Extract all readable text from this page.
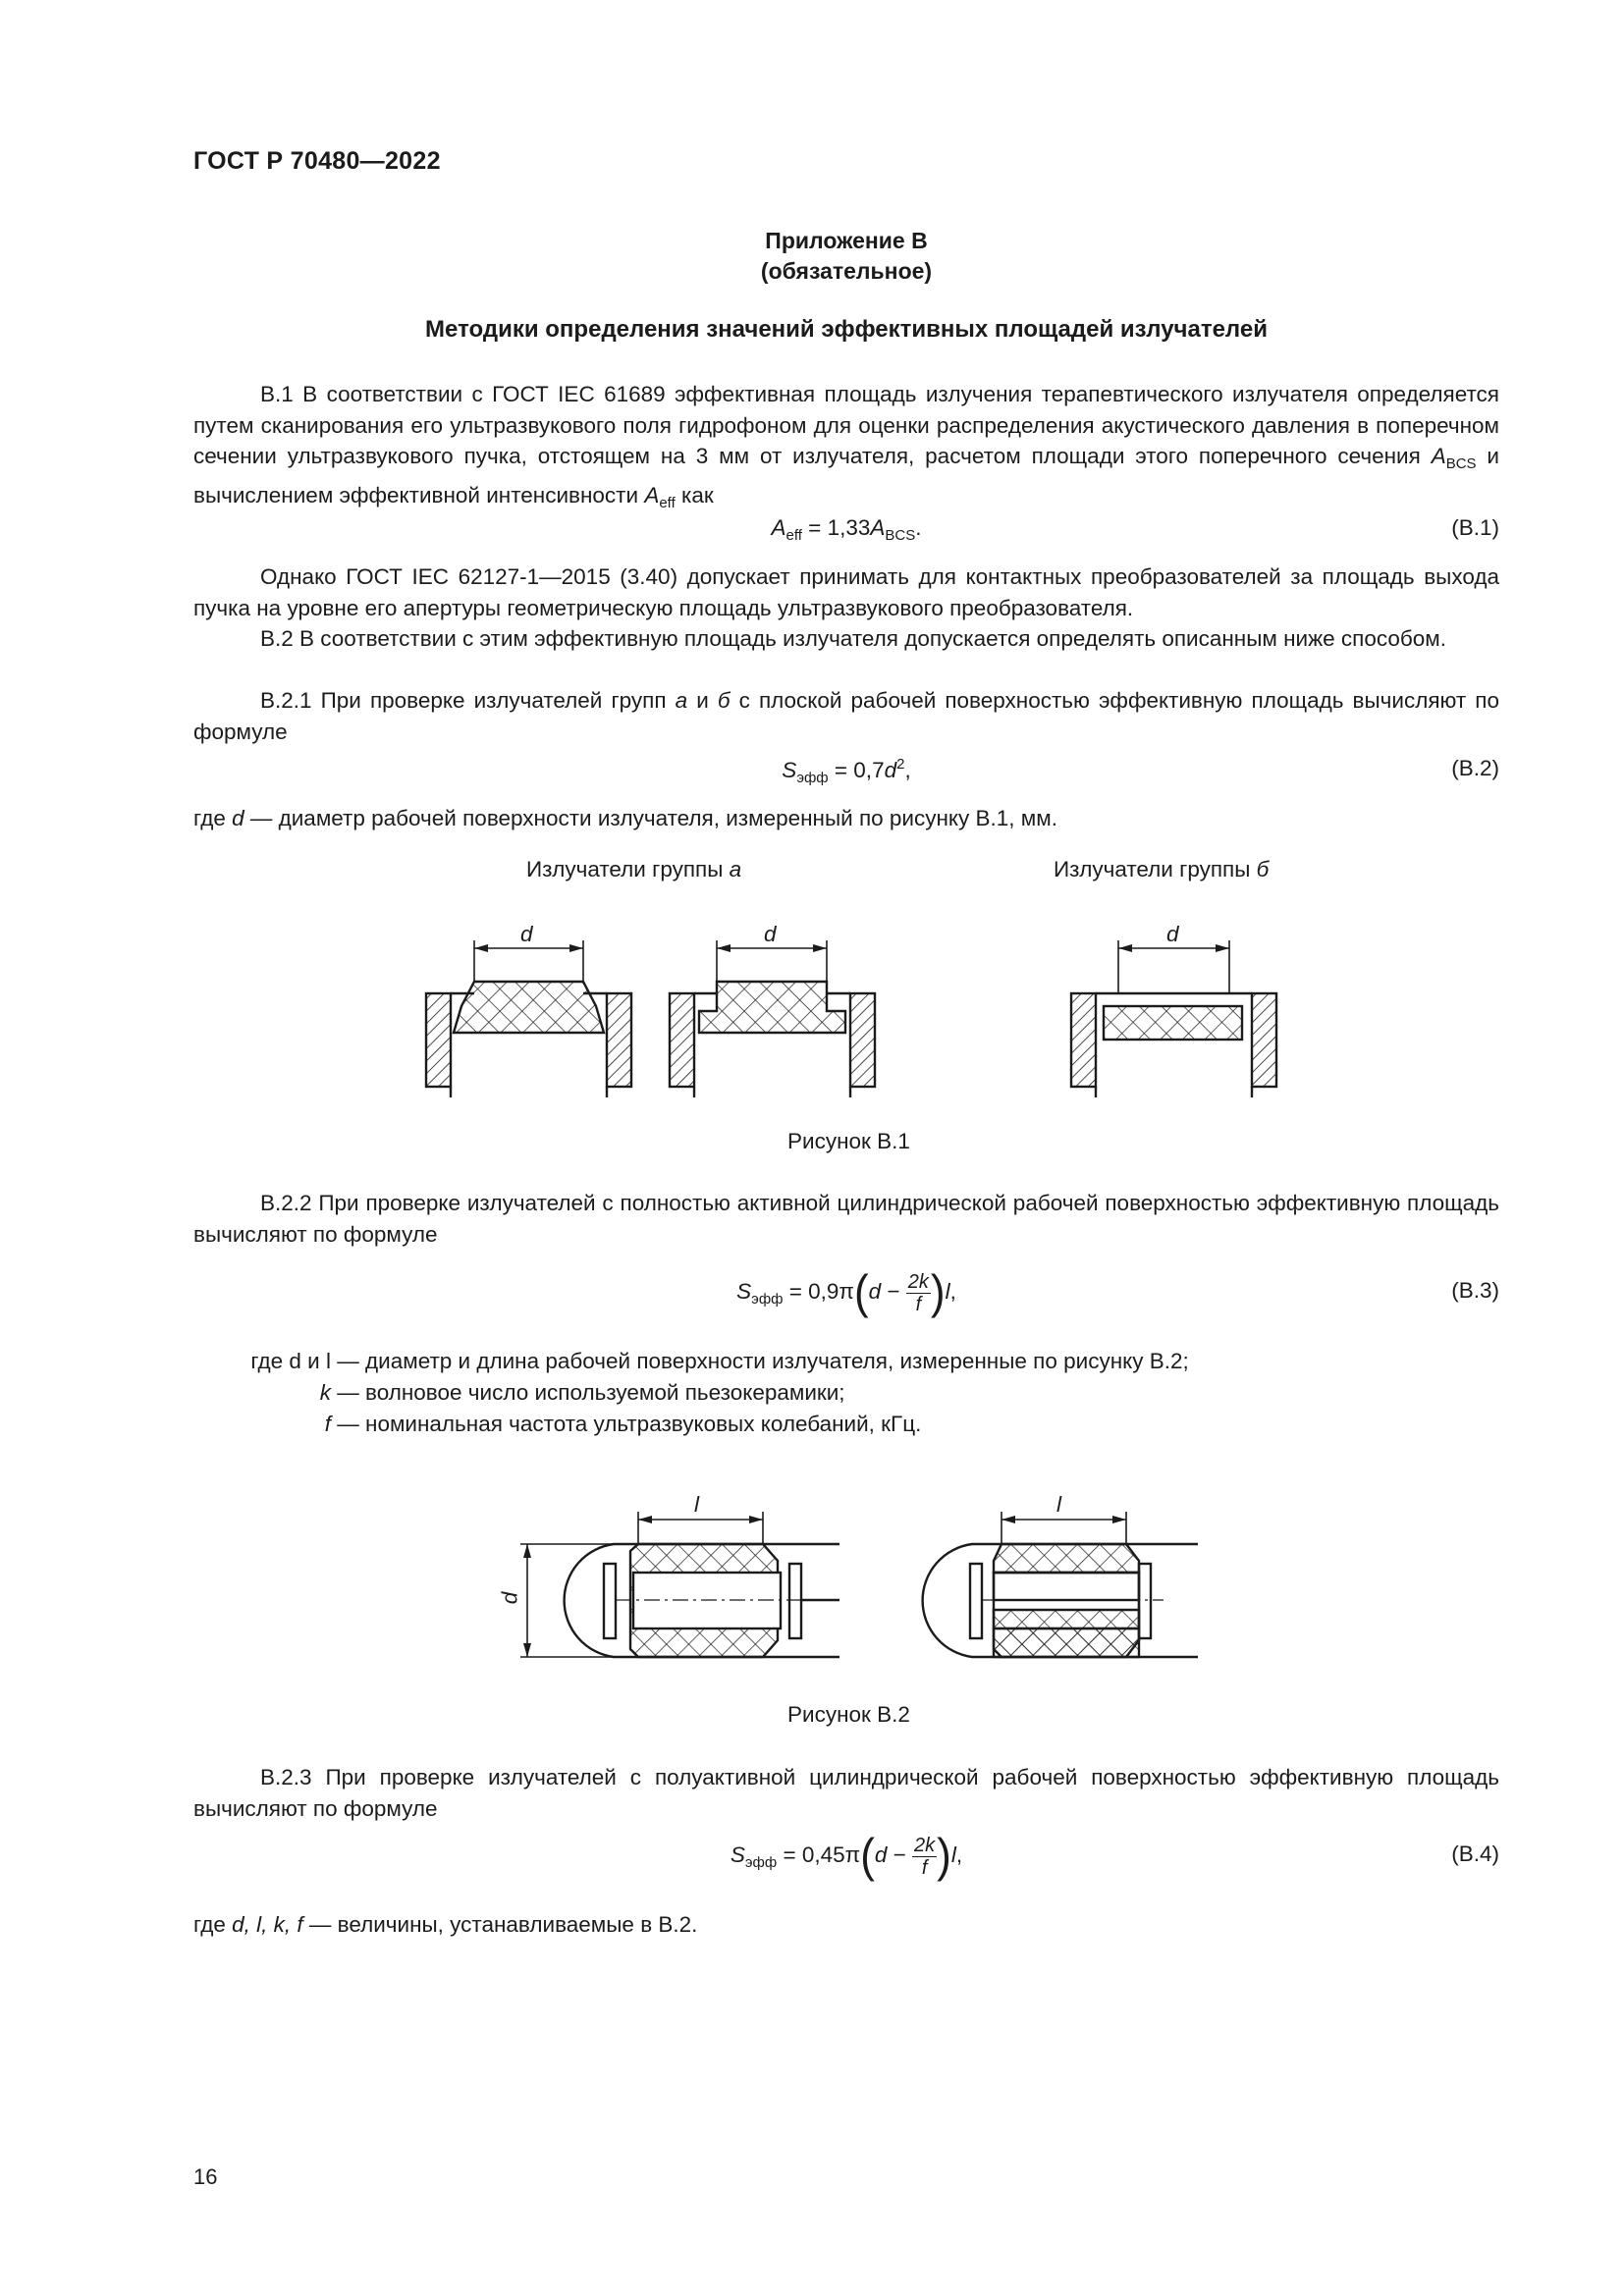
ГОСТ Р 70480—2022
Приложение В
(обязательное)
Методики определения значений эффективных площадей излучателей
В.1 В соответствии с ГОСТ IEC 61689 эффективная площадь излучения терапевтического излучателя определяется путем сканирования его ультразвукового поля гидрофоном для оценки распределения акустического давления в поперечном сечении ультразвукового пучка, отстоящем на 3 мм от излучателя, расчетом площади этого поперечного сечения $A_{BCS}$ и вычислением эффективной интенсивности $A_{eff}$ как
$A_{eff} = 1,33A_{BCS}$.	(В.1)
Однако ГОСТ IEC 62127-1—2015 (3.40) допускает принимать для контактных преобразователей за площадь выхода пучка на уровне его апертуры геометрическую площадь ультразвукового преобразователя.
В.2 В соответствии с этим эффективную площадь излучателя допускается определять описанным ниже способом.
В.2.1 При проверке излучателей групп а и б с плоской рабочей поверхностью эффективную площадь вычисляют по формуле
$S_{эфф} = 0,7d^2$,	(В.2)
где d — диаметр рабочей поверхности излучателя, измеренный по рисунку В.1, мм.
Излучатели группы а	Излучатели группы б
d	d	d
Рисунок В.1
В.2.2 При проверке излучателей с полностью активной цилиндрической рабочей поверхностью эффективную площадь вычисляют по формуле
$S_{эфф} = 0,9\pi(d - \frac{2k}{f} )l$,	(В.3)
где d и l — диаметр и длина рабочей поверхности излучателя, измеренные по рисунку В.2;
k — волновое число используемой пьезокерамики;
f — номинальная частота ультразвуковых колебаний, кГц.
l	l
d
Рисунок В.2
В.2.3 При проверке излучателей с полуактивной цилиндрической рабочей поверхностью эффективную площадь вычисляют по формуле
$S_{эфф} = 0,45\pi(d - \frac{2k}{f} )l$,	(В.4)
где d, l, k, f — величины, устанавливаемые в В.2.
16
